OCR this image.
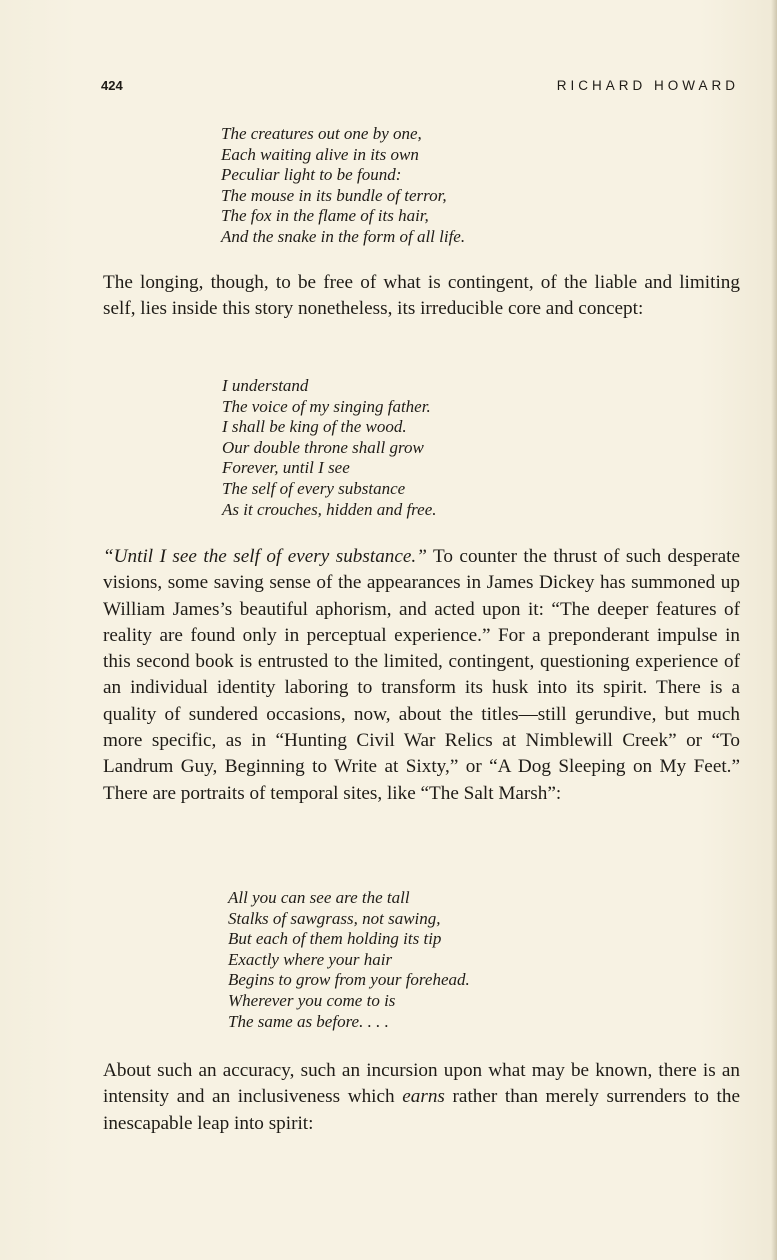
424	RICHARD HOWARD
The creatures out one by one,
Each waiting alive in its own
Peculiar light to be found:
The mouse in its bundle of terror,
The fox in the flame of its hair,
And the snake in the form of all life.

The longing, though, to be free of what is contingent, of the liable and limiting self, lies inside this story nonetheless, its irreducible core and concept:

I understand
The voice of my singing father.
I shall be king of the wood.
Our double throne shall grow
Forever, until I see
The self of every substance
As it crouches, hidden and free.

“Until I see the self of every substance.” To counter the thrust of such desperate visions, some saving sense of the appearances in James Dickey has summoned up William James’s beautiful aphorism, and acted upon it: “The deeper features of reality are found only in perceptual experience.” For a preponderant impulse in this second book is entrusted to the limited, contingent, questioning experience of an individual identity laboring to transform its husk into its spirit. There is a quality of sundered occasions, now, about the titles—still gerundive, but much more specific, as in “Hunting Civil War Relics at Nimblewill Creek” or “To Landrum Guy, Beginning to Write at Sixty,” or “A Dog Sleeping on My Feet.” There are portraits of temporal sites, like “The Salt Marsh”:

All you can see are the tall
Stalks of sawgrass, not sawing,
But each of them holding its tip
Exactly where your hair
Begins to grow from your forehead.
Wherever you come to is
The same as before. . . .

About such an accuracy, such an incursion upon what may be known, there is an intensity and an inclusiveness which earns rather than merely surrenders to the inescapable leap into spirit:
